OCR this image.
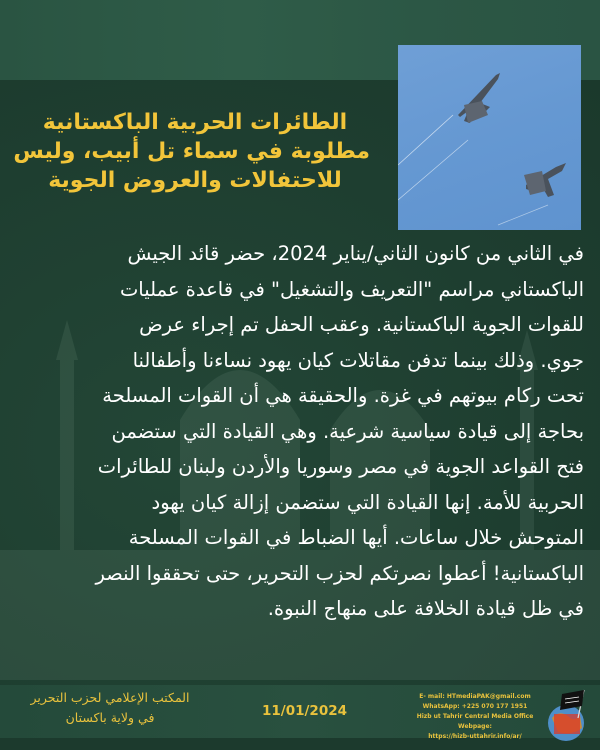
الطائرات الحربية الباكستانية
مطلوبة في سماء تل أبيب، وليس
للاحتفالات والعروض الجوية
في الثاني من كانون الثاني/يناير 2024، حضر قائد الجيش
الباكستاني مراسم "التعريف والتشغيل" في قاعدة عمليات
للقوات الجوية الباكستانية. وعقب الحفل تم إجراء عرض
جوي. وذلك بينما تدفن مقاتلات كيان يهود نساءنا وأطفالنا
تحت ركام بيوتهم في غزة. والحقيقة هي أن القوات المسلحة
بحاجة إلى قيادة سياسية شرعية. وهي القيادة التي ستضمن
فتح القواعد الجوية في مصر وسوريا والأردن ولبنان للطائرات
الحربية للأمة. إنها القيادة التي ستضمن إزالة كيان يهود
المتوحش خلال ساعات. أيها الضباط في القوات المسلحة
الباكستانية! أعطوا نصرتكم لحزب التحرير، حتى تحققوا النصر
في ظل قيادة الخلافة على منهاج النبوة.
المكتب الإعلامي لحزب التحرير
في ولاية باكستان	11/01/2024
E- mail: HTmediaPAK@gmail.com
WhatsApp: +225 070 177 1951
Hizb ut Tahrir Central Media Office Webpage:
https://hizb-uttahrir.info/ar/
